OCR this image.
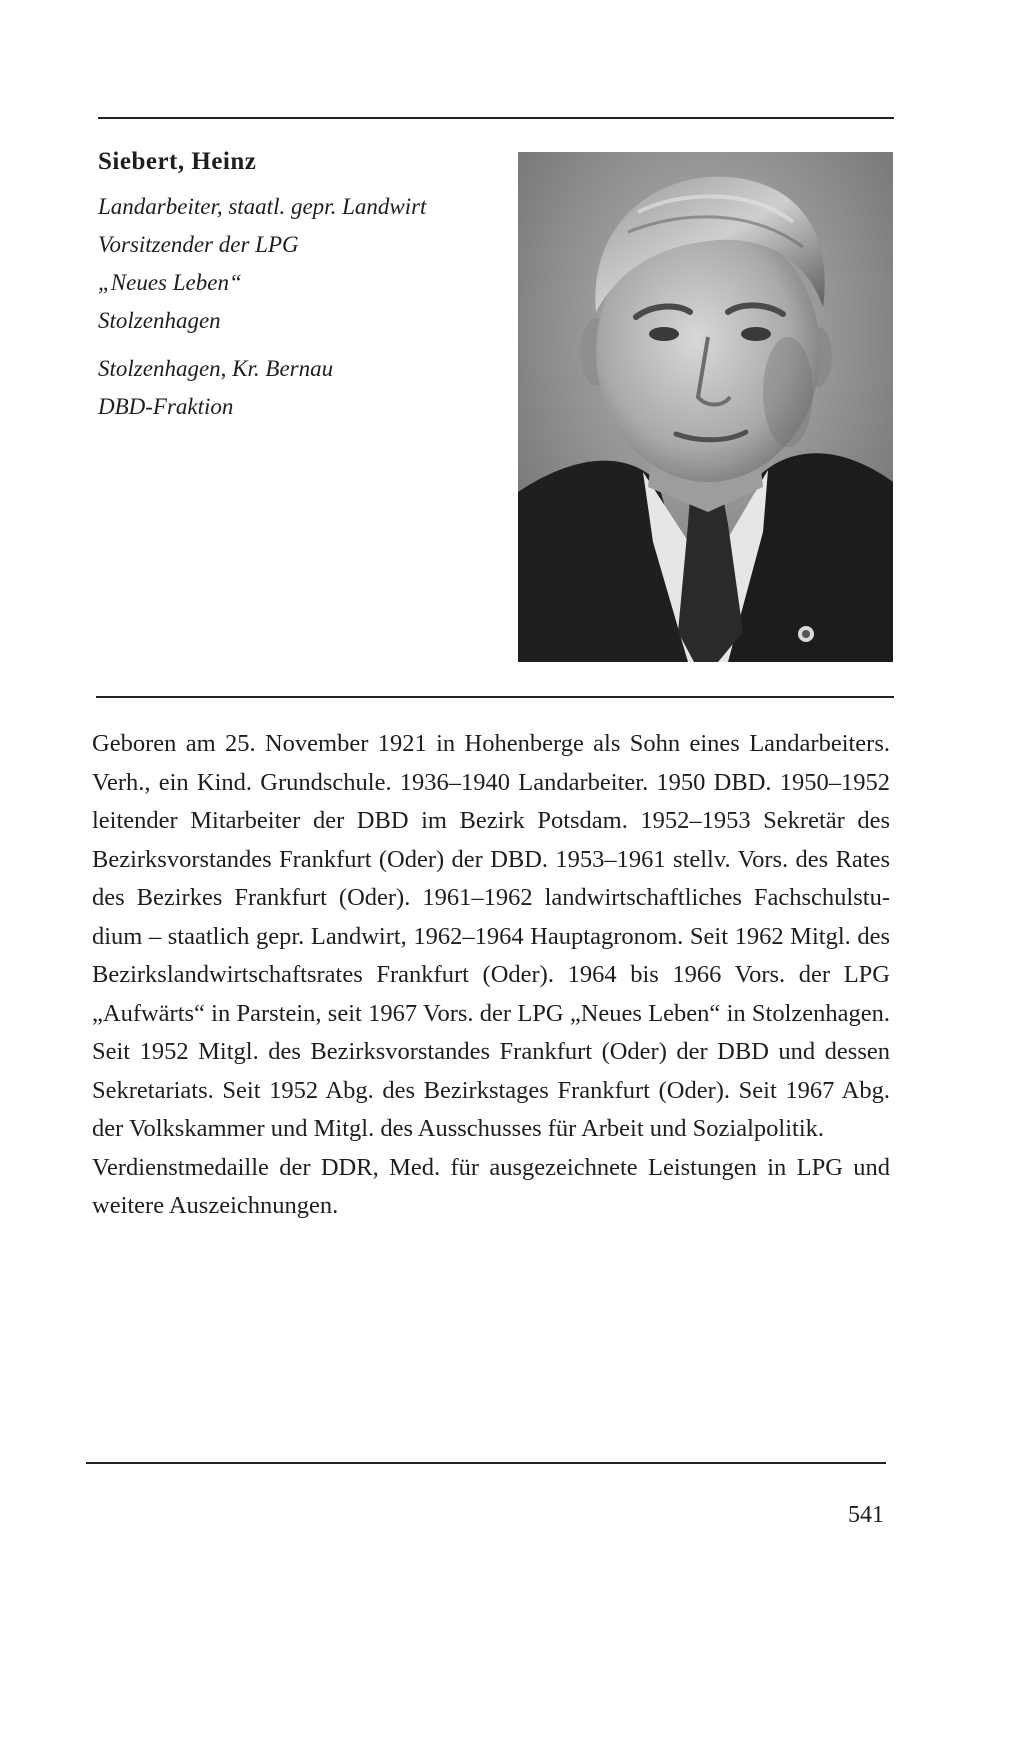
Siebert, Heinz
Landarbeiter, staatl. gepr. Landwirt
Vorsitzender der LPG
„Neues Leben“
Stolzenhagen
Stolzenhagen, Kr. Bernau
DBD-Fraktion

Geboren am 25. November 1921 in Hohenberge als Sohn eines Landarbeiters. Verh., ein Kind. Grundschule. 1936–1940 Landarbeiter. 1950 DBD. 1950–1952 leitender Mitarbeiter der DBD im Bezirk Potsdam. 1952–1953 Sekretär des Bezirksvorstandes Frankfurt (Oder) der DBD. 1953–1961 stellv. Vors. des Rates des Bezirkes Frankfurt (Oder). 1961–1962 landwirtschaftliches Fachschulstudium – staatlich gepr. Landwirt, 1962–1964 Hauptagronom. Seit 1962 Mitgl. des Bezirkslandwirtschaftsrates Frankfurt (Oder). 1964 bis 1966 Vors. der LPG „Aufwärts“ in Parstein, seit 1967 Vors. der LPG „Neues Leben“ in Stolzenhagen. Seit 1952 Mitgl. des Bezirksvorstandes Frankfurt (Oder) der DBD und dessen Sekretariats. Seit 1952 Abg. des Bezirkstages Frankfurt (Oder). Seit 1967 Abg. der Volkskammer und Mitgl. des Ausschusses für Arbeit und Sozialpolitik.

Verdienstmedaille der DDR, Med. für ausgezeichnete Leistungen in LPG und weitere Auszeichnungen.

541
